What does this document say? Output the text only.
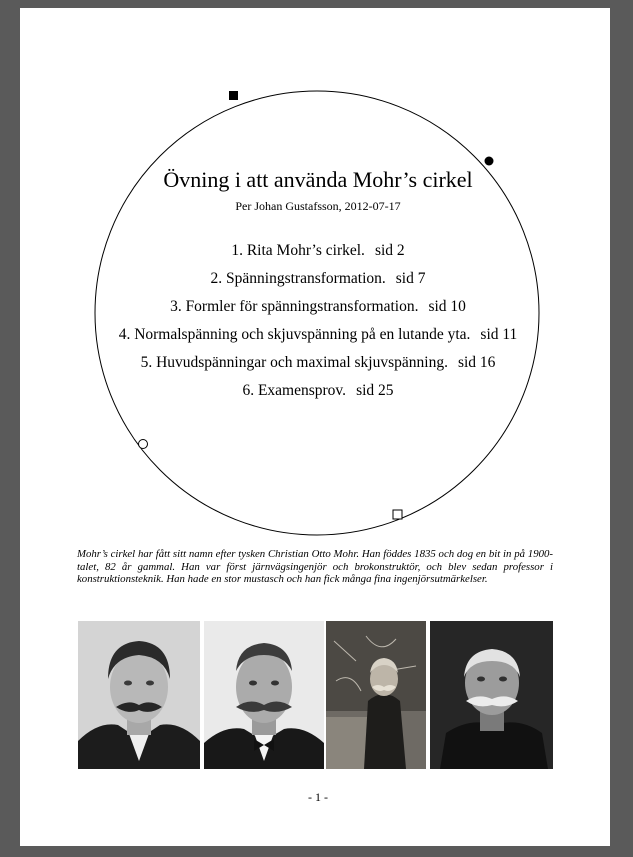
Övning i att använda Mohr’s cirkel
Per Johan Gustafsson, 2012-07-17
1. Rita Mohr’s cirkel. sid 2
2. Spänningstransformation. sid 7
3. Formler för spänningstransformation. sid 10
4. Normalspänning och skjuvspänning på en lutande yta. sid 11
5. Huvudspänningar och maximal skjuvspänning. sid 16
6. Examensprov. sid 25
Mohr’s cirkel har fått sitt namn efter tysken Christian Otto Mohr. Han föddes 1835 och dog en bit in på 1900-talet, 82 år gammal. Han var först järnvägsingenjör och brokonstruktör, och blev sedan professor i konstruktionsteknik. Han hade en stor mustasch och han fick många fina ingenjörsutmärkelser.
- 1 -
